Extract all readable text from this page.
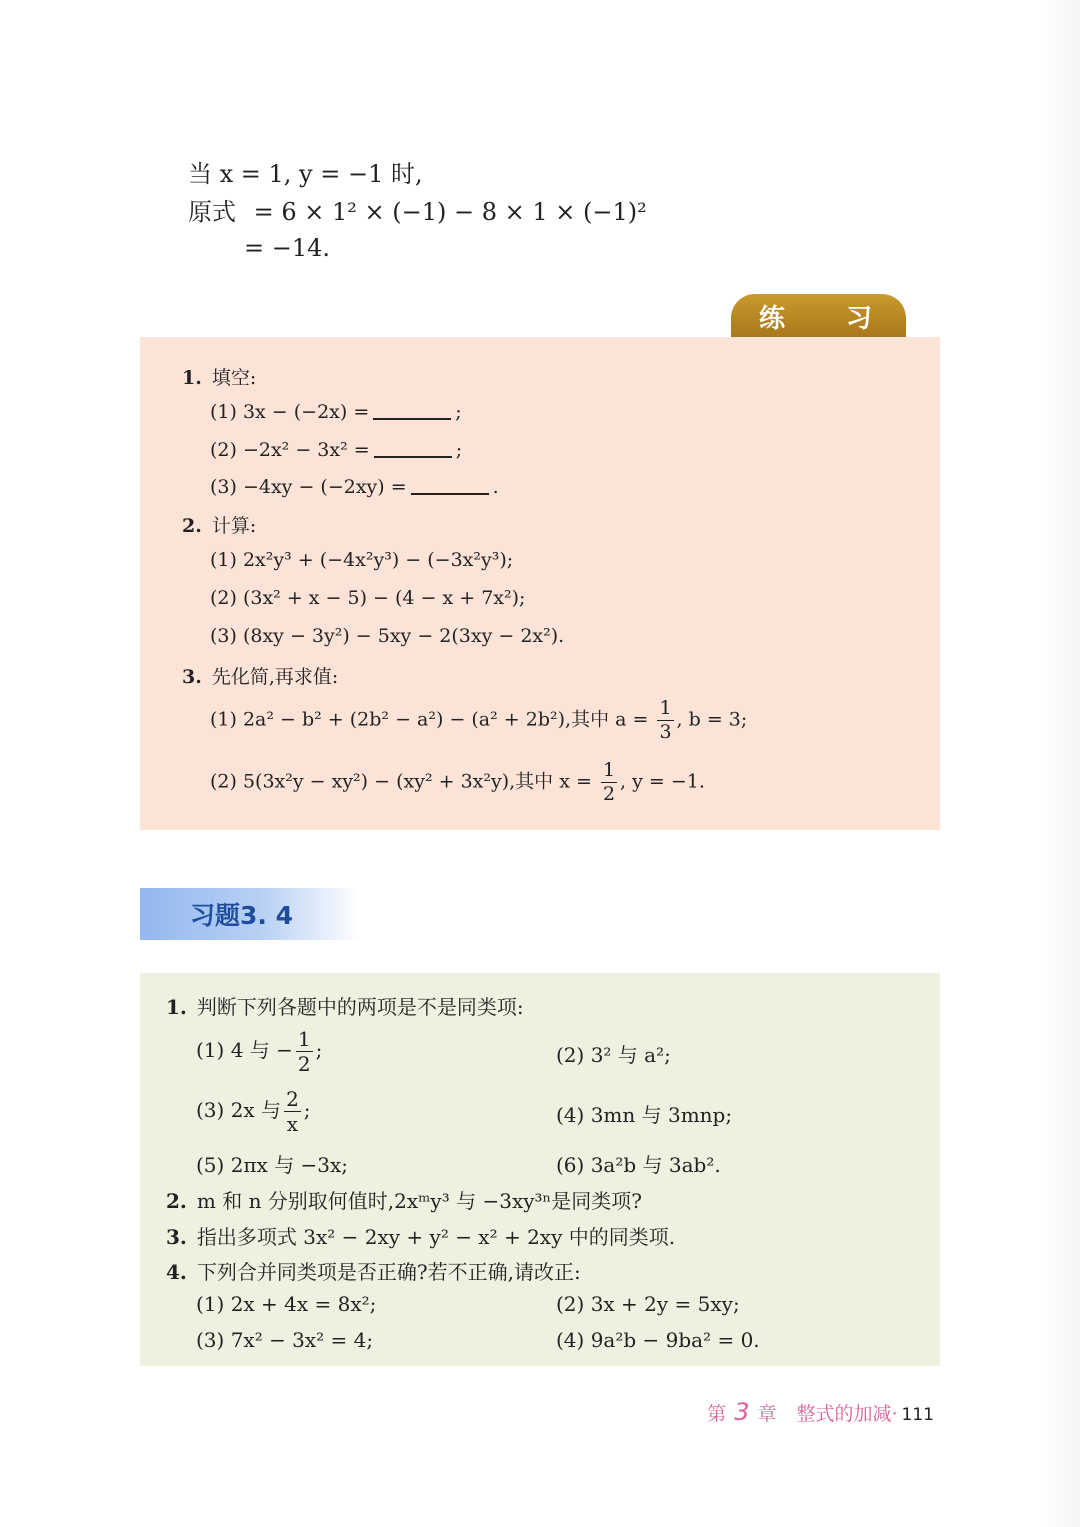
当 x = 1, y = −1 时,
原式 = 6 × 1² × (−1) − 8 × 1 × (−1)²
= −14.
练 习
1. 填空:
(1) 3x − (−2x) =	;
(2) −2x² − 3x² =	;
(3) −4xy − (−2xy) =	.
2. 计算:
(1) 2x²y³ + (−4x²y³) − (−3x²y³);
(2) (3x² + x − 5) − (4 − x + 7x²);
(3) (8xy − 3y²) − 5xy − 2(3xy − 2x²).
3. 先化简,再求值:
(1) 2a² − b² + (2b² − a²) − (a² + 2b²),其中 $a = \frac{1}{3}$ , b = 3;
(2) 5(3x²y − xy²) − (xy² + 3x²y),其中 $x = \frac{1}{2}$ , y = −1.
习题3. 4
1. 判断下列各题中的两项是不是同类项:
(1) 4 与 − $\frac{1}{2}$ ;	(2) 3² 与 a²;
(3) 2x 与 $\frac{2}{x}$ ;	(4) 3mn 与 3mnp;
(5) 2πx 与 −3x;	(6) 3a²b 与 3ab².
2. m 和 n 分别取何值时,2xᵐy³ 与 −3xy³ⁿ是同类项?
3. 指出多项式 3x² − 2xy + y² − x² + 2xy 中的同类项.
4. 下列合并同类项是否正确?若不正确,请改正:
(1) 2x + 4x = 8x²;	(2) 3x + 2y = 5xy;
(3) 7x² − 3x² = 4;	(4) 9a²b − 9ba² = 0.
第 3 章 整式的加减· 111
